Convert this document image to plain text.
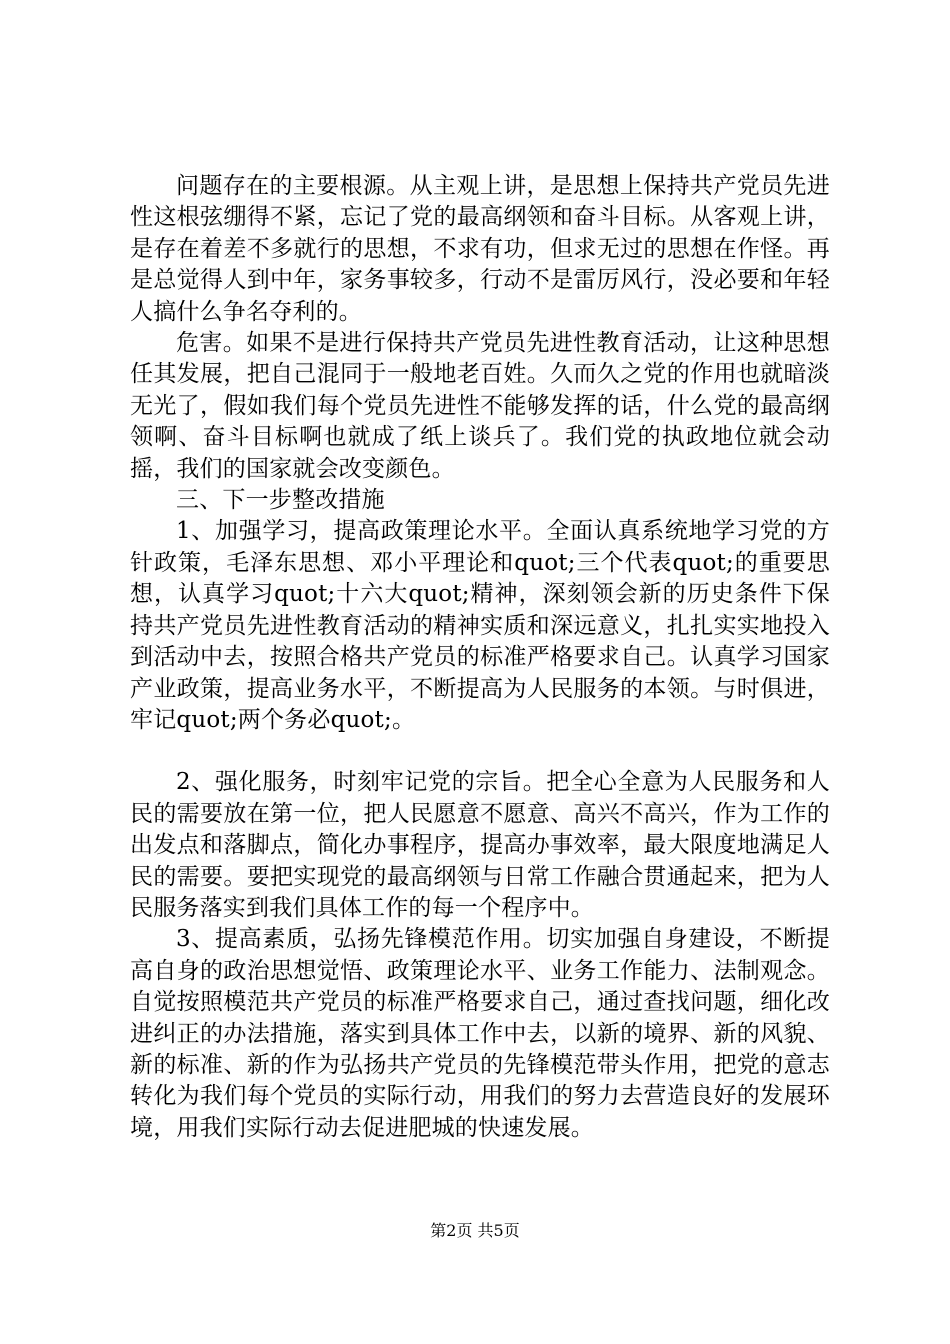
问题存在的主要根源。从主观上讲，是思想上保持共产党员先进性这根弦绷得不紧，忘记了党的最高纲领和奋斗目标。从客观上讲，是存在着差不多就行的思想，不求有功，但求无过的思想在作怪。再是总觉得人到中年，家务事较多，行动不是雷厉风行，没必要和年轻人搞什么争名夺利的。

危害。如果不是进行保持共产党员先进性教育活动，让这种思想任其发展，把自己混同于一般地老百姓。久而久之党的作用也就暗淡无光了，假如我们每个党员先进性不能够发挥的话，什么党的最高纲领啊、奋斗目标啊也就成了纸上谈兵了。我们党的执政地位就会动摇，我们的国家就会改变颜色。

三、下一步整改措施

1、加强学习，提高政策理论水平。全面认真系统地学习党的方针政策，毛泽东思想、邓小平理论和quot;三个代表quot;的重要思想，认真学习quot;十六大quot;精神，深刻领会新的历史条件下保持共产党员先进性教育活动的精神实质和深远意义，扎扎实实地投入到活动中去，按照合格共产党员的标准严格要求自己。认真学习国家产业政策，提高业务水平，不断提高为人民服务的本领。与时俱进，牢记quot;两个务必quot;。

2、强化服务，时刻牢记党的宗旨。把全心全意为人民服务和人民的需要放在第一位，把人民愿意不愿意、高兴不高兴，作为工作的出发点和落脚点，简化办事程序，提高办事效率，最大限度地满足人民的需要。要把实现党的最高纲领与日常工作融合贯通起来，把为人民服务落实到我们具体工作的每一个程序中。

3、提高素质，弘扬先锋模范作用。切实加强自身建设，不断提高自身的政治思想觉悟、政策理论水平、业务工作能力、法制观念。自觉按照模范共产党员的标准严格要求自己，通过查找问题，细化改进纠正的办法措施，落实到具体工作中去，以新的境界、新的风貌、新的标准、新的作为弘扬共产党员的先锋模范带头作用，把党的意志转化为我们每个党员的实际行动，用我们的努力去营造良好的发展环境，用我们实际行动去促进肥城的快速发展。

第2页 共5页
